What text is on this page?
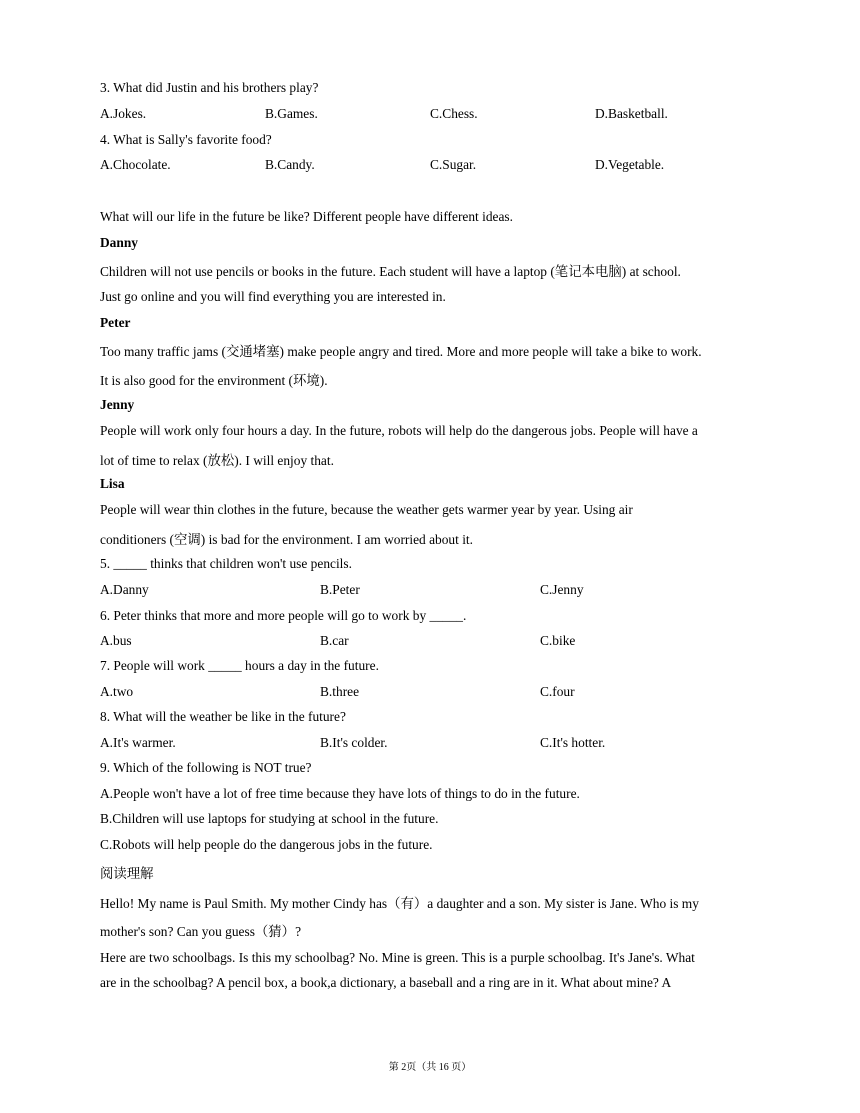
3. What did Justin and his brothers play?
A.Jokes.	B.Games.	C.Chess.	D.Basketball.
4. What is Sally's favorite food?
A.Chocolate.	B.Candy.	C.Sugar.	D.Vegetable.
What will our life in the future be like? Different people have different ideas.
Danny
Children will not use pencils or books in the future. Each student will have a laptop (笔记本电脑) at school.
Just go online and you will find everything you are interested in.
Peter
Too many traffic jams (交通堵塞) make people angry and tired. More and more people will take a bike to work.
It is also good for the environment (环境).
Jenny
People will work only four hours a day. In the future, robots will help do the dangerous jobs. People will have a
lot of time to relax (放松). I will enjoy that.
Lisa
People will wear thin clothes in the future, because the weather gets warmer year by year. Using air
conditioners (空调) is bad for the environment. I am worried about it.
5. _____ thinks that children won't use pencils.
A.Danny	B.Peter	C.Jenny
6. Peter thinks that more and more people will go to work by _____.
A.bus	B.car	C.bike
7. People will work _____ hours a day in the future.
A.two	B.three	C.four
8. What will the weather be like in the future?
A.It's warmer.	B.It's colder.	C.It's hotter.
9. Which of the following is NOT true?
A.People won't have a lot of free time because they have lots of things to do in the future.
B.Children will use laptops for studying at school in the future.
C.Robots will help people do the dangerous jobs in the future.
阅读理解
Hello! My name is Paul Smith. My mother Cindy has（有）a daughter and a son. My sister is Jane. Who is my
mother's son? Can you guess（猜）?
Here are two schoolbags. Is this my schoolbag? No. Mine is green. This is a purple schoolbag. It's Jane's. What
are in the schoolbag? A pencil box, a book,a dictionary, a baseball and a ring are in it. What about mine? A
第 2页（共 16 页）
